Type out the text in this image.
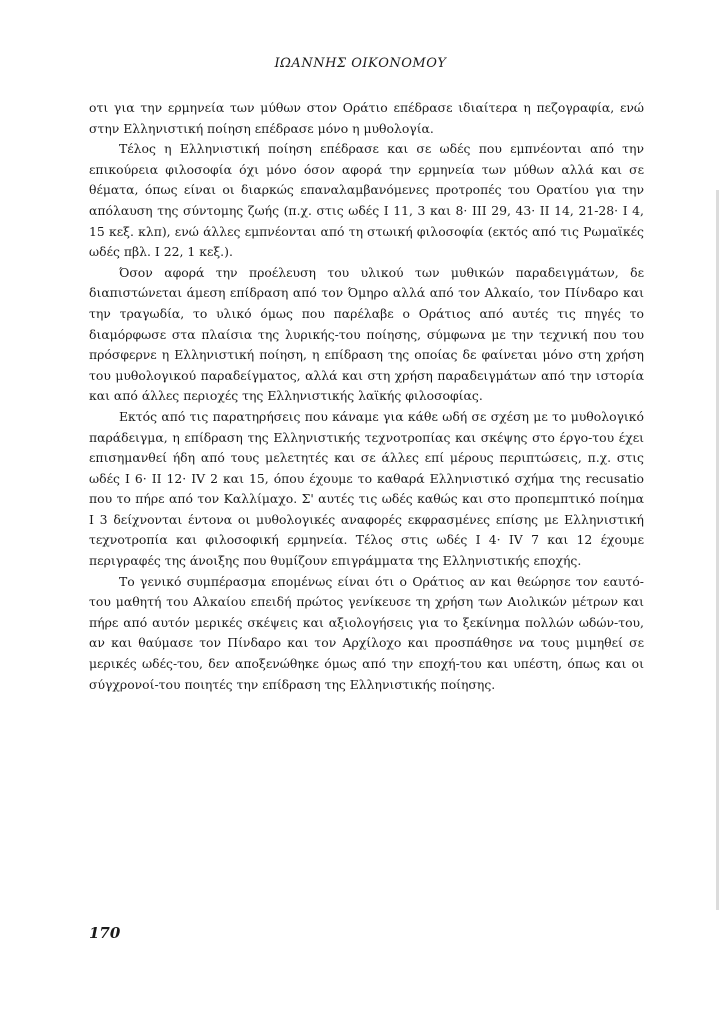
ΙΩΑΝΝΗΣ ΟΙΚΟΝΟΜΟΥ

οτι για την ερμηνεία των μύθων στον Οράτιο επέδρασε ιδιαίτερα η πεζογραφία, ενώ στην Ελληνιστική ποίηση επέδρασε μόνο η μυθολογία.

Τέλος η Ελληνιστική ποίηση επέδρασε και σε ωδές που εμπνέονται από την επικούρεια φιλοσοφία όχι μόνο όσον αφορά την ερμηνεία των μύθων αλλά και σε θέματα, όπως είναι οι διαρκώς επαναλαμβανόμενες προτροπές του Ορατίου για την απόλαυση της σύντομης ζωής (π.χ. στις ωδές I 11, 3 και 8· III 29, 43· II 14, 21-28· I 4, 15 κεξ. κλπ), ενώ άλλες εμπνέονται από τη στωική φιλοσοφία (εκτός από τις Ρωμαϊκές ωδές πβλ. I 22, 1 κεξ.).

Όσον αφορά την προέλευση του υλικού των μυθικών παραδειγμάτων, δε διαπιστώνεται άμεση επίδραση από τον Όμηρο αλλά από τον Αλκαίο, τον Πίνδαρο και την τραγωδία, το υλικό όμως που παρέλαβε ο Οράτιος από αυτές τις πηγές το διαμόρφωσε στα πλαίσια της λυρικής-του ποίησης, σύμφωνα με την τεχνική που του πρόσφερνε η Ελληνιστική ποίηση, η επίδραση της οποίας δε φαίνεται μόνο στη χρήση του μυθολογικού παραδείγματος, αλλά και στη χρήση παραδειγμάτων από την ιστορία και από άλλες περιοχές της Ελληνιστικής λαϊκής φιλοσοφίας.

Εκτός από τις παρατηρήσεις που κάναμε για κάθε ωδή σε σχέση με το μυθολογικό παράδειγμα, η επίδραση της Ελληνιστικής τεχνοτροπίας και σκέψης στο έργο-του έχει επισημανθεί ήδη από τους μελετητές και σε άλλες επί μέρους περιπτώσεις, π.χ. στις ωδές I 6· II 12· IV 2 και 15, όπου έχουμε το καθαρά Ελληνιστικό σχήμα της recusatio που το πήρε από τον Καλλίμαχο. Σ' αυτές τις ωδές καθώς και στο προπεμπτικό ποίημα I 3 δείχνονται έντονα οι μυθολογικές αναφορές εκφρασμένες επίσης με Ελληνιστική τεχνοτροπία και φιλοσοφική ερμηνεία. Τέλος στις ωδές I 4· IV 7 και 12 έχουμε περιγραφές της άνοιξης που θυμίζουν επιγράμματα της Ελληνιστικής εποχής.

Το γενικό συμπέρασμα επομένως είναι ότι ο Οράτιος αν και θεώρησε τον εαυτό-του μαθητή του Αλκαίου επειδή πρώτος γενίκευσε τη χρήση των Αιολικών μέτρων και πήρε από αυτόν μερικές σκέψεις και αξιολογήσεις για το ξεκίνημα πολλών ωδών-του, αν και θαύμασε τον Πίνδαρο και τον Αρχίλοχο και προσπάθησε να τους μιμηθεί σε μερικές ωδές-του, δεν αποξενώθηκε όμως από την εποχή-του και υπέστη, όπως και οι σύγχρονοί-του ποιητές την επίδραση της Ελληνιστικής ποίησης.

170
